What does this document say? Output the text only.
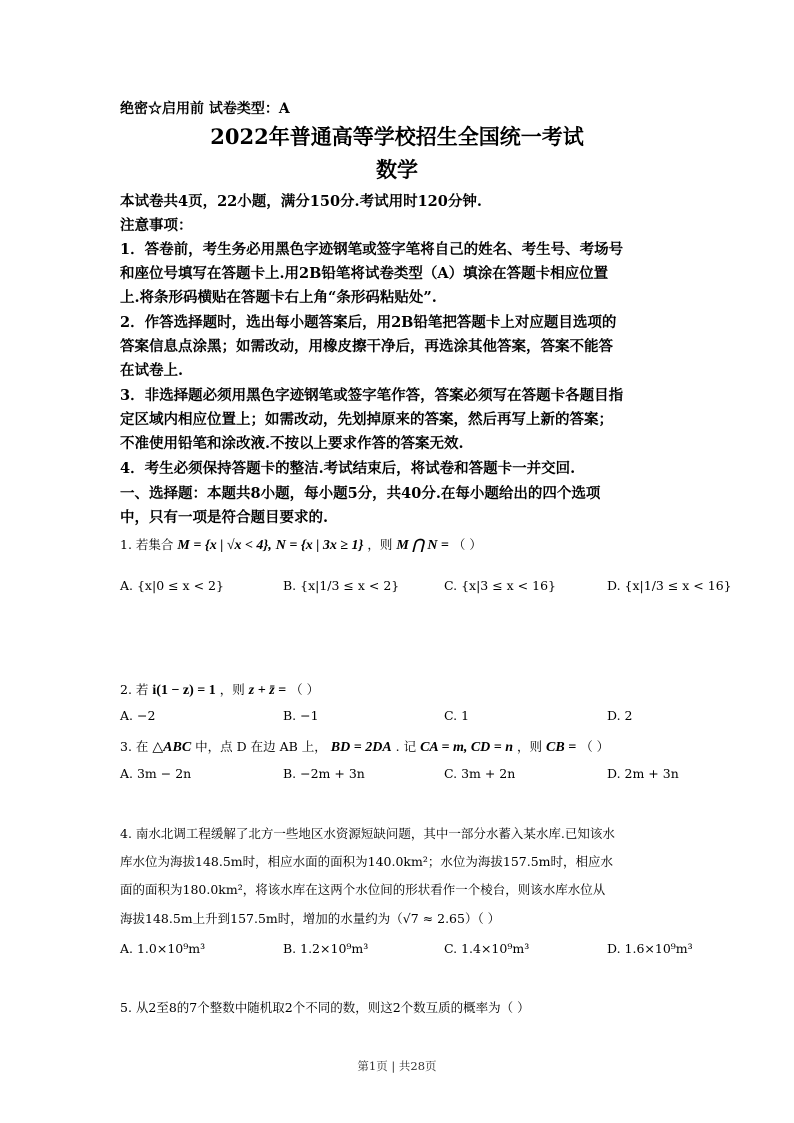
绝密☆启用前 试卷类型：A
2022年普通高等学校招生全国统一考试
数学
本试卷共4页，22小题，满分150分.考试用时120分钟.
注意事项：
1．答卷前，考生务必用黑色字迹钢笔或签字笔将自己的姓名、考生号、考场号
和座位号填写在答题卡上.用2B铅笔将试卷类型（A）填涂在答题卡相应位置
上.将条形码横贴在答题卡右上角“条形码粘贴处”.
2．作答选择题时，选出每小题答案后，用2B铅笔把答题卡上对应题目选项的
答案信息点涂黑；如需改动，用橡皮擦干净后，再选涂其他答案，答案不能答
在试卷上.
3．非选择题必须用黑色字迹钢笔或签字笔作答，答案必须写在答题卡各题目指
定区域内相应位置上；如需改动，先划掉原来的答案，然后再写上新的答案；
不准使用铅笔和涂改液.不按以上要求作答的答案无效.
4．考生必须保持答题卡的整洁.考试结束后，将试卷和答题卡一并交回.
一、选择题：本题共8小题，每小题5分，共40分.在每小题给出的四个选项
中，只有一项是符合题目要求的.
1. 若集合 M = {x | √x < 4}, N = {x | 3x ≥ 1} ，则 M ⋂ N = （ ）
A. {x|0 ≤ x < 2}	B. {x|1/3 ≤ x < 2}	C. {x|3 ≤ x < 16}	D. {x|1/3 ≤ x < 16}
2. 若 i(1 − z) = 1 ，则 z + z̄ = （ ）
A. −2	B. −1	C. 1	D. 2
3. 在 △ABC 中，点 D 在边 AB 上， BD = 2DA . 记 CA = m, CD = n ，则 CB = （ ）
A. 3m − 2n	B. −2m + 3n	C. 3m + 2n	D. 2m + 3n
4. 南水北调工程缓解了北方一些地区水资源短缺问题，其中一部分水蓄入某水库.已知该水
库水位为海拔148.5m时，相应水面的面积为140.0km²；水位为海拔157.5m时，相应水
面的面积为180.0km²，将该水库在这两个水位间的形状看作一个棱台，则该水库水位从
海拔148.5m上升到157.5m时，增加的水量约为（√7 ≈ 2.65）（ ）
A. 1.0×10⁹m³	B. 1.2×10⁹m³	C. 1.4×10⁹m³	D. 1.6×10⁹m³
5. 从2至8的7个整数中随机取2个不同的数，则这2个数互质的概率为（ ）
第1页 | 共28页
